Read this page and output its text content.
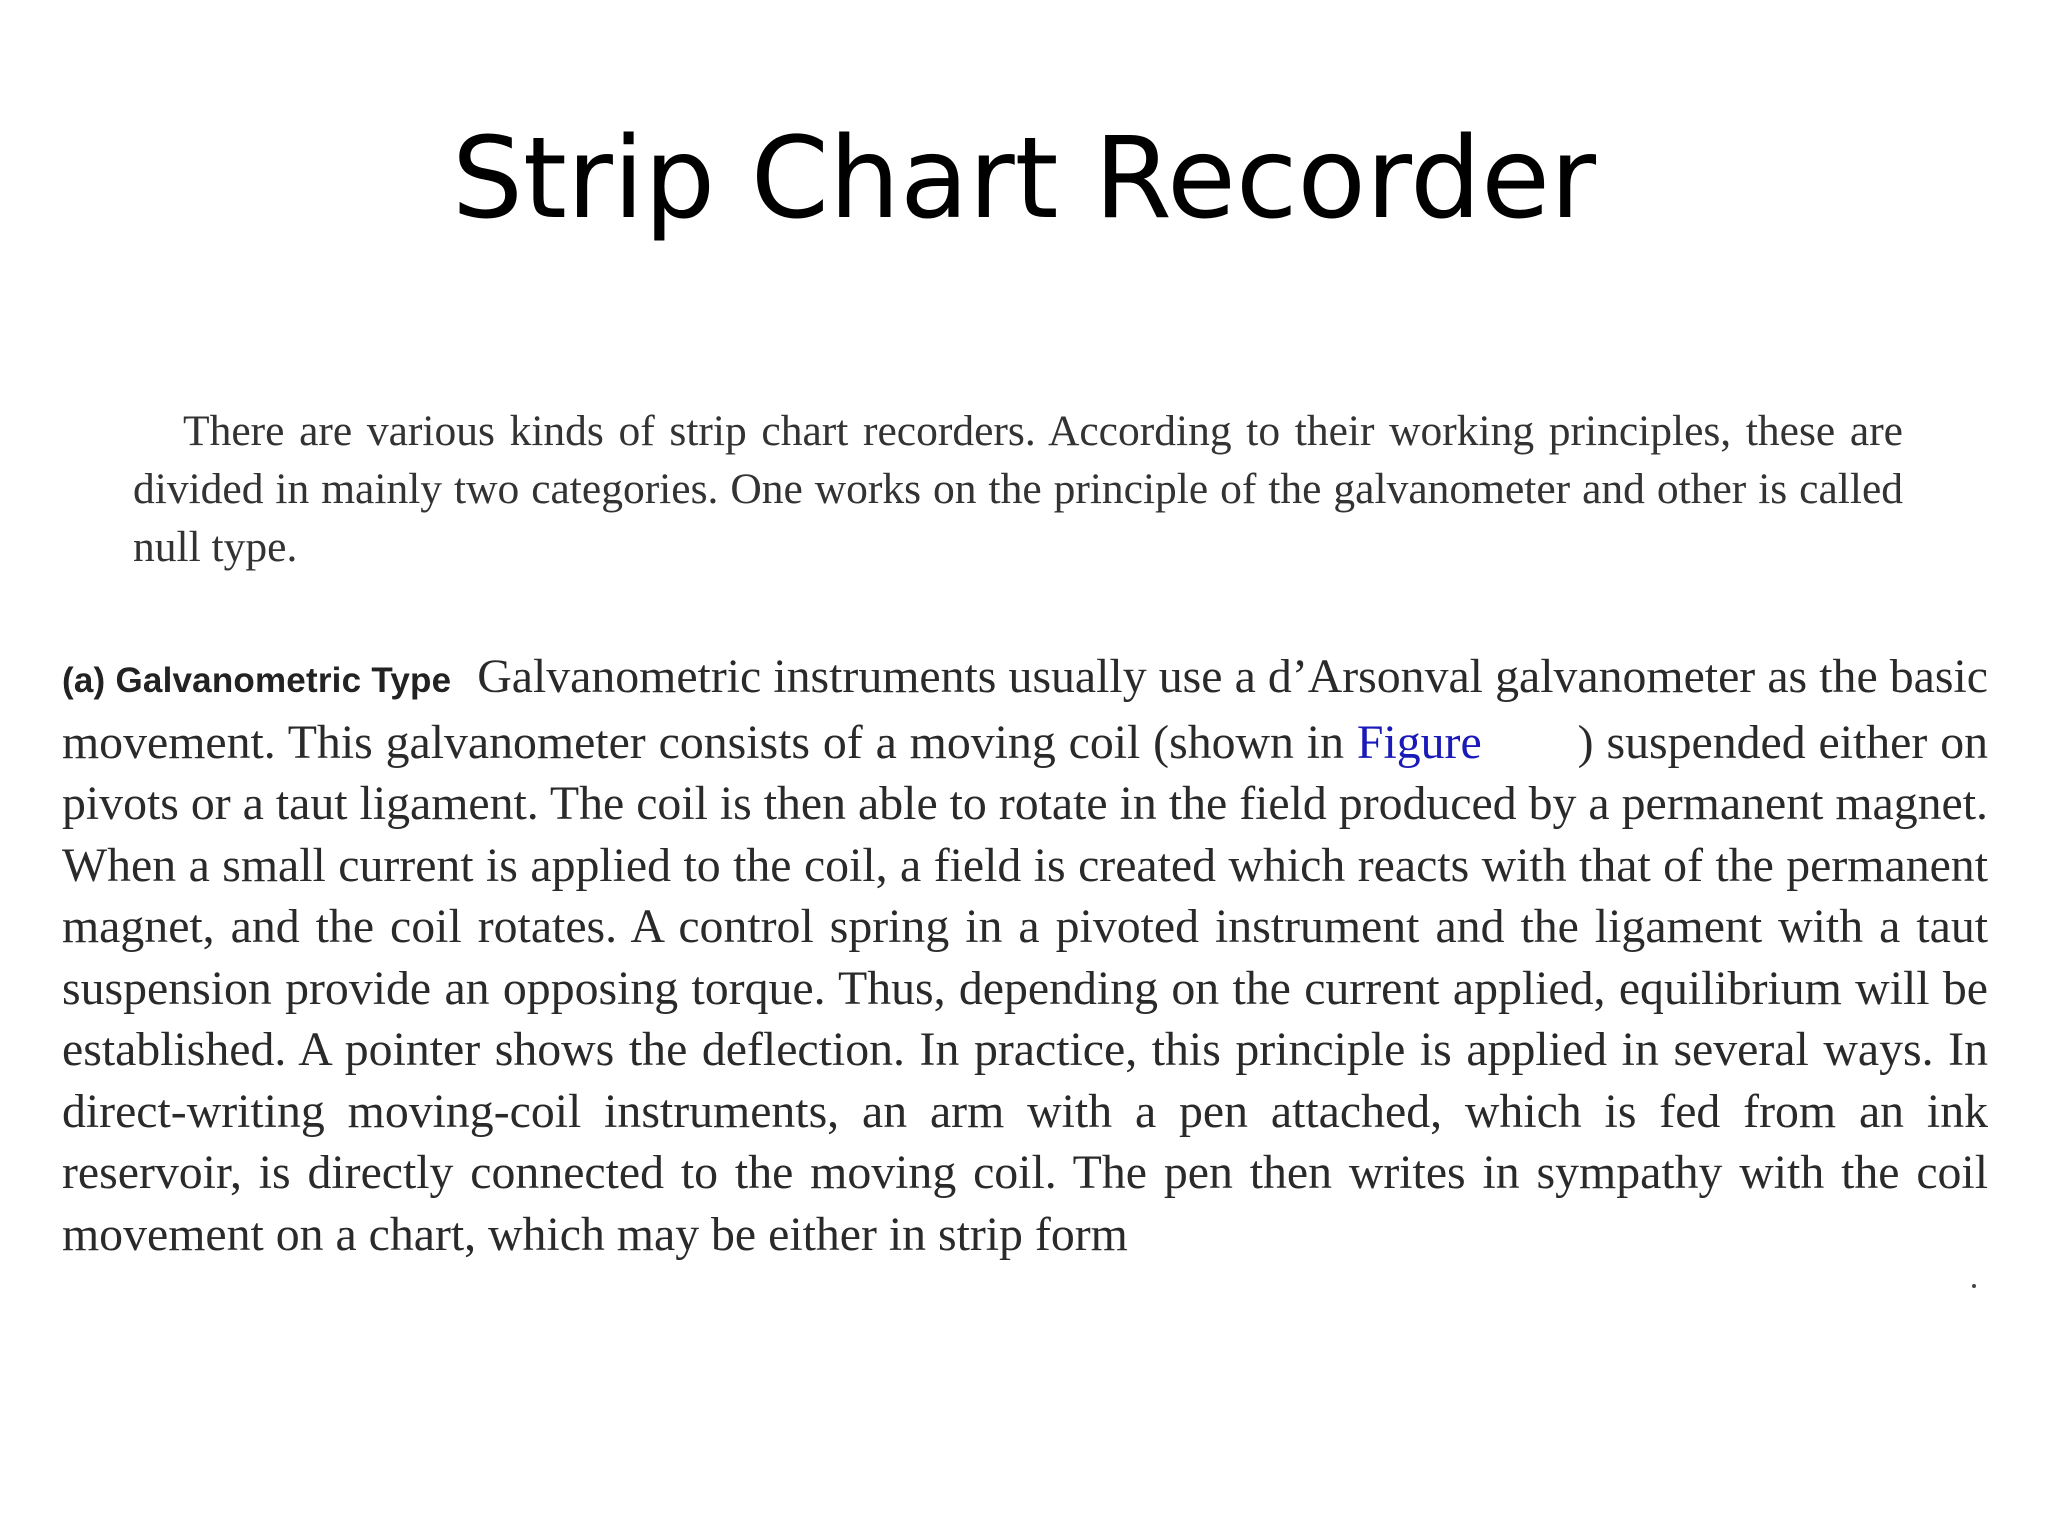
Strip Chart Recorder

There are various kinds of strip chart recorders. According to their working principles, these are divided in mainly two categories. One works on the principle of the galvanometer and other is called null type.

(a) Galvanometric Type Galvanometric instruments usually use a d’Arsonval galvanometer as the basic movement. This galvanometer consists of a moving coil (shown in Figure ) suspended either on pivots or a taut ligament. The coil is then able to rotate in the field produced by a permanent magnet. When a small current is applied to the coil, a field is created which reacts with that of the permanent magnet, and the coil rotates. A control spring in a pivoted instrument and the ligament with a taut suspension provide an opposing torque. Thus, depending on the current applied, equilibrium will be established. A pointer shows the deflection. In practice, this principle is applied in several ways. In direct-writing moving-coil instruments, an arm with a pen attached, which is fed from an ink reservoir, is directly connected to the moving coil. The pen then writes in sympathy with the coil movement on a chart, which may be either in strip form
